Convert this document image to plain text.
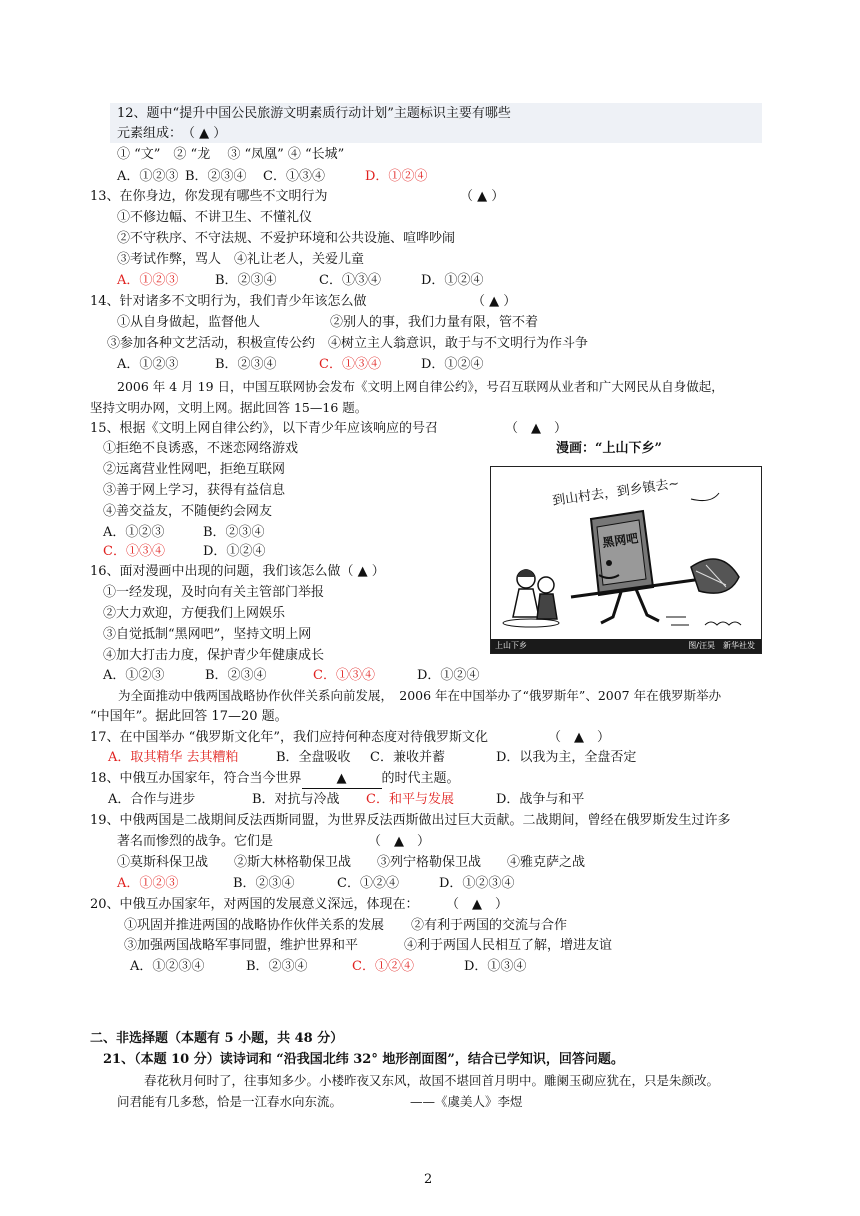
12、题中“提升中国公民旅游文明素质行动计划”主题标识主要有哪些
元素组成：　（ ▲ ）
① “文”　② “龙　 ③ “凤凰” ④ “长城”
A．①②③ B．②③④ C．①③④	D．①②④
13、在你身边，你发现有哪些不文明行为	（ ▲ ）
①不修边幅、不讲卫生、不懂礼仪
②不守秩序、不守法规、不爱护环境和公共设施、喧哗吵闹
③考试作弊，骂人　④礼让老人，关爱儿童
A．①②③	B．②③④	C．①③④	D．①②④
14、针对诸多不文明行为，我们青少年该怎么做	（ ▲ ）
①从自身做起，监督他人	②别人的事，我们力量有限，管不着
③参加各种文艺活动，积极宣传公约　④树立主人翁意识，敢于与不文明行为作斗争
A．①②③	B．②③④	C．①③④	D．①②④
2006 年 4 月 19 日，中国互联网协会发布《文明上网自律公约》，号召互联网从业者和广大网民从自身做起，
坚持文明办网，文明上网。据此回答 15—16 题。
15、根据《文明上网自律公约》，以下青少年应该响应的号召	（　▲　）
漫画：“上山下乡”
①拒绝不良诱惑，不迷恋网络游戏
②远离营业性网吧，拒绝互联网
③善于网上学习，获得有益信息
④善交益友，不随便约会网友
A．①②③	B．②③④
C．①③④	D．①②④
到山村去，到乡镇去~
黑网吧
上山下乡	图/汪昊　新华社发
16、面对漫画中出现的问题，我们该怎么做（ ▲ ）
①一经发现，及时向有关主管部门举报
②大力欢迎，方便我们上网娱乐
③自觉抵制“黑网吧”，坚持文明上网
④加大打击力度，保护青少年健康成长
A．①②③	B．②③④	C．①③④	D．①②④
为全面推动中俄两国战略协作伙伴关系向前发展，　2006 年在中国举办了“俄罗斯年”、2007 年在俄罗斯举办
“中国年”。据此回答 17—20 题。
17、在中国举办 “俄罗斯文化年”，我们应持何种态度对待俄罗斯文化	（　▲　）
A．取其精华 去其糟粕	B．全盘吸收 C．兼收并蓄	D．以我为主，全盘否定
18、中俄互办国家年，符合当今世界	▲	的时代主题。
A．合作与进步	B．对抗与冷战 C．和平与发展	D．战争与和平
19、中俄两国是二战期间反法西斯同盟，为世界反法西斯做出过巨大贡献。二战期间，曾经在俄罗斯发生过许多
著名而惨烈的战争。它们是	（　▲　）
①莫斯科保卫战　　②斯大林格勒保卫战　　③列宁格勒保卫战　　④雅克萨之战
A．①②③	B．②③④	C．①②④	D．①②③④
20、中俄互办国家年，对两国的发展意义深远，体现在： （　▲　）
①巩固并推进两国的战略协作伙伴关系的发展 ②有利于两国的交流与合作
③加强两国战略军事同盟，维护世界和平	④利于两国人民相互了解，增进友谊
A．①②③④	B．②③④	C．①②④	D．①③④
二、非选择题（本题有 5 小题，共 48 分）
21、（本题 10 分）读诗词和 “沿我国北纬 32° 地形剖面图”，结合已学知识，回答问题。
春花秋月何时了，往事知多少。小楼昨夜又东风，故国不堪回首月明中。雕阑玉砌应犹在，只是朱颜改。
问君能有几多愁，恰是一江春水向东流。	——《虞美人》李煜
2
